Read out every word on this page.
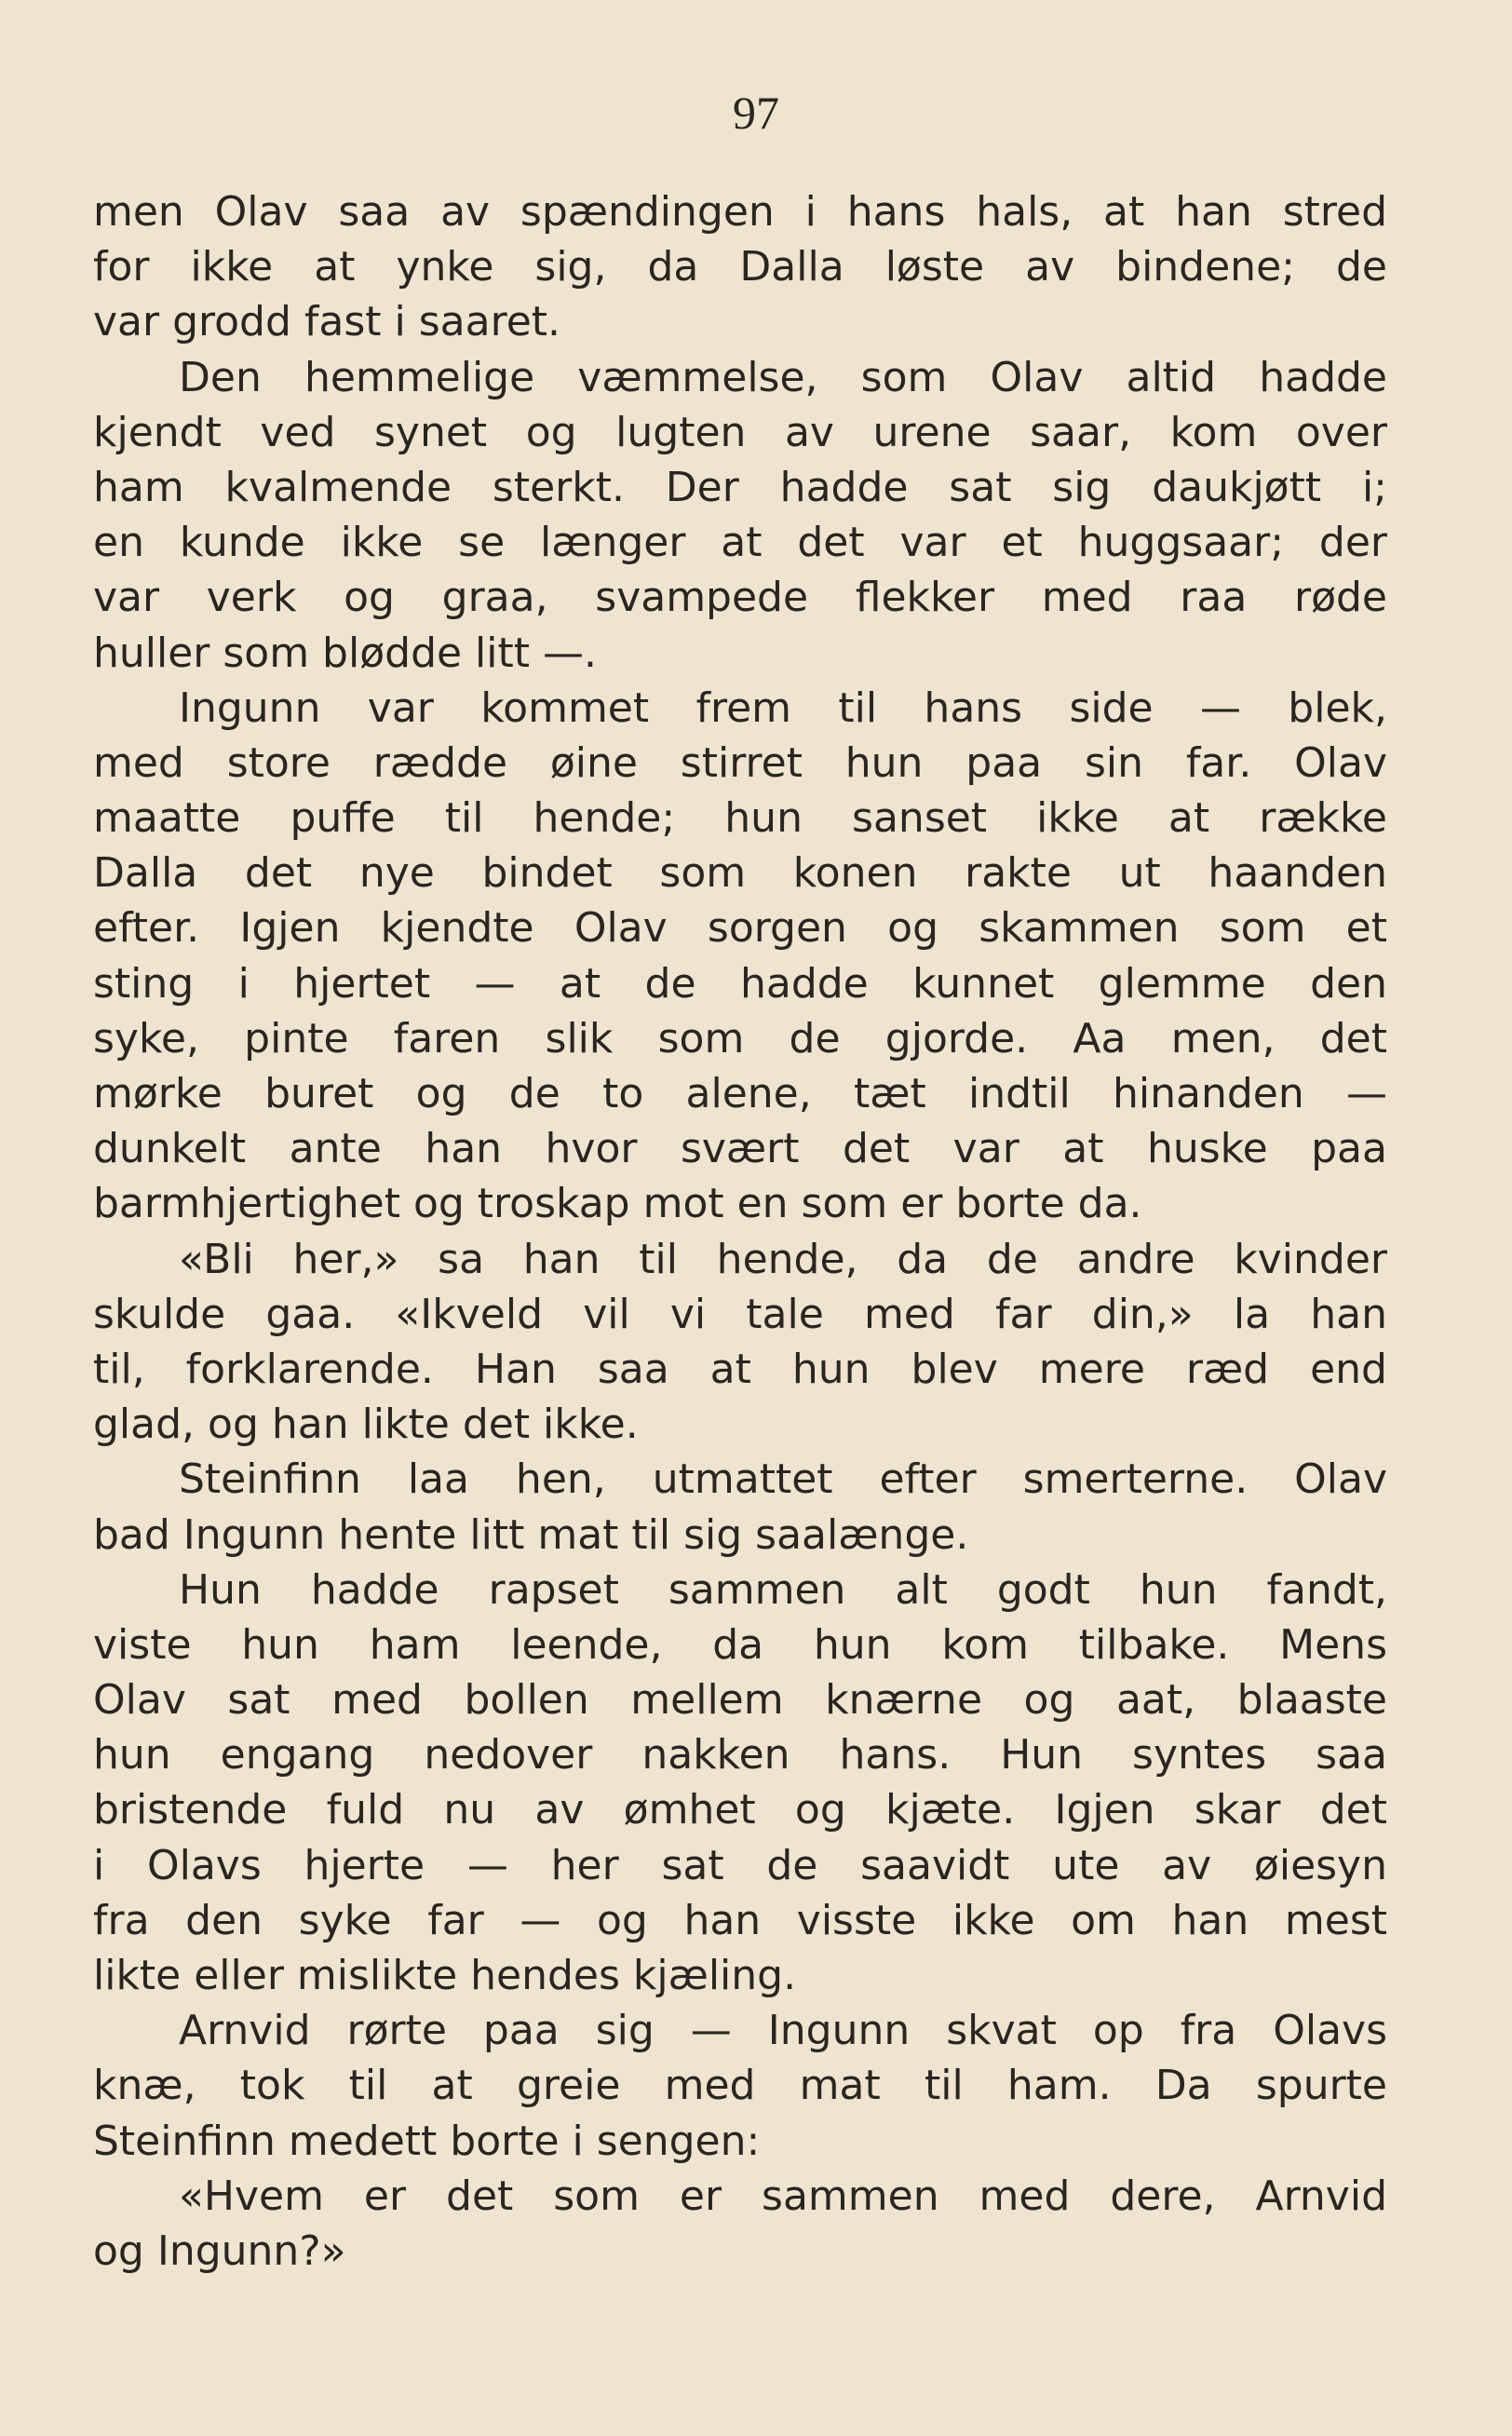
97
men Olav saa av spændingen i hans hals, at han stred
for ikke at ynke sig, da Dalla løste av bindene; de
var grodd fast i saaret.
Den hemmelige væmmelse, som Olav altid hadde
kjendt ved synet og lugten av urene saar, kom over
ham kvalmende sterkt. Der hadde sat sig daukjøtt i;
en kunde ikke se længer at det var et huggsaar; der
var verk og graa, svampede flekker med raa røde
huller som blødde litt —.
Ingunn var kommet frem til hans side — blek,
med store rædde øine stirret hun paa sin far. Olav
maatte puffe til hende; hun sanset ikke at række
Dalla det nye bindet som konen rakte ut haanden
efter. Igjen kjendte Olav sorgen og skammen som et
sting i hjertet — at de hadde kunnet glemme den
syke, pinte faren slik som de gjorde. Aa men, det
mørke buret og de to alene, tæt indtil hinanden —
dunkelt ante han hvor svært det var at huske paa
barmhjertighet og troskap mot en som er borte da.
«Bli her,» sa han til hende, da de andre kvinder
skulde gaa. «Ikveld vil vi tale med far din,» la han
til, forklarende. Han saa at hun blev mere ræd end
glad, og han likte det ikke.
Steinfinn laa hen, utmattet efter smerterne. Olav
bad Ingunn hente litt mat til sig saalænge.
Hun hadde rapset sammen alt godt hun fandt,
viste hun ham leende, da hun kom tilbake. Mens
Olav sat med bollen mellem knærne og aat, blaaste
hun engang nedover nakken hans. Hun syntes saa
bristende fuld nu av ømhet og kjæte. Igjen skar det
i Olavs hjerte — her sat de saavidt ute av øiesyn
fra den syke far — og han visste ikke om han mest
likte eller mislikte hendes kjæling.
Arnvid rørte paa sig — Ingunn skvat op fra Olavs
knæ, tok til at greie med mat til ham. Da spurte
Steinfinn medett borte i sengen:
«Hvem er det som er sammen med dere, Arnvid
og Ingunn?»
